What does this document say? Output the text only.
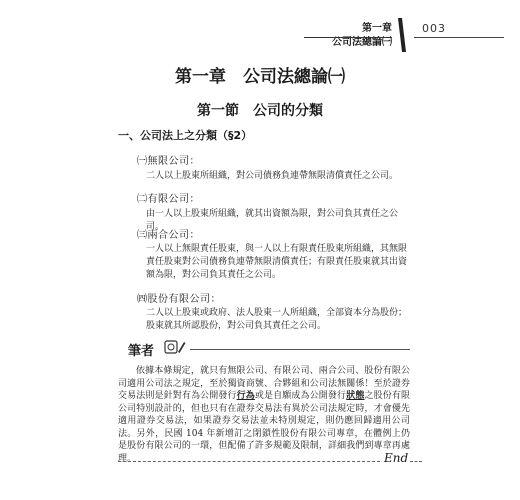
第一章
公司法總論㈠
003
第一章　公司法總論㈠
第一節　公司的分類
一、公司法上之分類（§2）
㈠無限公司：
二人以上股東所組織，對公司債務負連帶無限清償責任之公司。
㈡有限公司：
由一人以上股東所組織，就其出資額為限，對公司負其責任之公司。
㈢兩合公司：
一人以上無限責任股東，與一人以上有限責任股東所組織，其無限責任股東對公司債務負連帶無限清償責任；有限責任股東就其出資額為限，對公司負其責任之公司。
㈣股份有限公司：
二人以上股東或政府、法人股東一人所組織，全部資本分為股份；股東就其所認股份，對公司負其責任之公司。
筆者
依據本條規定，就只有無限公司、有限公司、兩合公司、股份有限公司適用公司法之規定，至於獨資商號、合夥組和公司法無關係！至於證券交易法則是針對有為公開發行行為或是自願成為公開發行狀態之股份有限公司特別設計的，但也只有在證券交易法有異於公司法規定時，才會優先適用證券交易法，如果證券交易法並未特別規定，則仍應回歸適用公司法。另外，民國 104 年新增訂之閉鎖性股份有限公司專章，在體例上仍是股份有限公司的一環，但配備了許多規範及限制，詳細我們到專章再處理。	End
